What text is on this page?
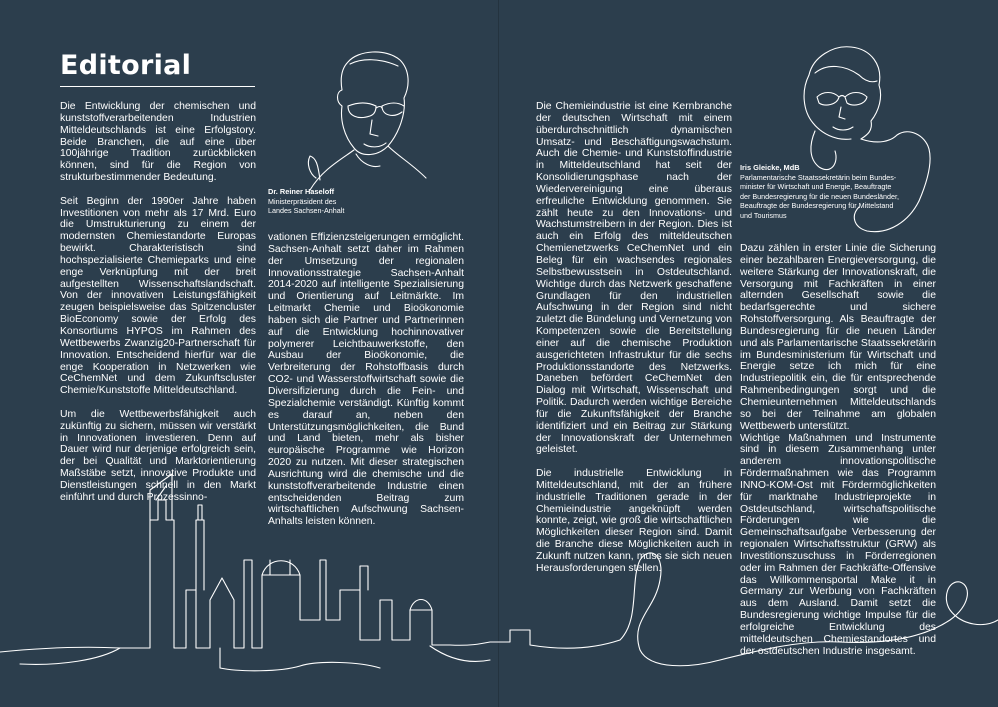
Editorial

Die Entwicklung der chemischen und kunststoffverarbeitenden Industrien Mitteldeutschlands ist eine Erfolgstory. Beide Branchen, die auf eine über 100jährige Tradition zurückblicken können, sind für die Region von strukturbestimmender Bedeutung.

Seit Beginn der 1990er Jahre haben Investitionen von mehr als 17 Mrd. Euro die Umstrukturierung zu einem der modernsten Chemiestandorte Europas bewirkt. Charakteristisch sind hochspezialisierte Chemieparks und eine enge Verknüpfung mit der breit aufgestellten Wissenschaftslandschaft. Von der innovativen Leistungsfähigkeit zeugen beispielsweise das Spitzencluster BioEconomy sowie der Erfolg des Konsortiums HYPOS im Rahmen des Wettbewerbs Zwanzig20-Partnerschaft für Innovation. Entscheidend hierfür war die enge Kooperation in Netzwerken wie CeChemNet und dem Zukunftscluster Chemie/Kunststoffe Mitteldeutschland.

Um die Wettbewerbsfähigkeit auch zukünftig zu sichern, müssen wir verstärkt in Innovationen investieren. Denn auf Dauer wird nur derjenige erfolgreich sein, der bei Qualität und Marktorientierung Maßstäbe setzt, innovative Produkte und Dienstleistungen schnell in den Markt einführt und durch Prozessinno-

vationen Effizienzsteigerungen ermöglicht. Sachsen-Anhalt setzt daher im Rahmen der Umsetzung der regionalen Innovationsstrategie Sachsen-Anhalt 2014-2020 auf intelligente Spezialisierung und Orientierung auf Leitmärkte. Im Leitmarkt Chemie und Bioökonomie haben sich die Partner und Partnerinnen auf die Entwicklung hochinnovativer polymerer Leichtbauwerkstoffe, den Ausbau der Bioökonomie, die Verbreiterung der Rohstoffbasis durch CO2- und Wasserstoffwirtschaft sowie die Diversifizierung durch die Fein- und Spezialchemie verständigt. Künftig kommt es darauf an, neben den Unterstützungsmöglichkeiten, die Bund und Land bieten, mehr als bisher europäische Programme wie Horizon 2020 zu nutzen. Mit dieser strategischen Ausrichtung wird die chemische und die kunststoffverarbeitende Industrie einen entscheidenden Beitrag zum wirtschaftlichen Aufschwung Sachsen-Anhalts leisten können.

Dr. Reiner Haseloff
Ministerpräsident des
Landes Sachsen-Anhalt

Die Chemieindustrie ist eine Kernbranche der deutschen Wirtschaft mit einem überdurchschnittlich dynamischen Umsatz- und Beschäftigungswachstum. Auch die Chemie- und Kunststoffindustrie in Mitteldeutschland hat seit der Konsolidierungsphase nach der Wiedervereinigung eine überaus erfreuliche Entwicklung genommen. Sie zählt heute zu den Innovations- und Wachstumstreibern in der Region. Dies ist auch ein Erfolg des mitteldeutschen Chemienetzwerks CeChemNet und ein Beleg für ein wachsendes regionales Selbstbewusstsein in Ostdeutschland. Wichtige durch das Netzwerk geschaffene Grundlagen für den industriellen Aufschwung in der Region sind nicht zuletzt die Bündelung und Vernetzung von Kompetenzen sowie die Bereitstellung einer auf die chemische Produktion ausgerichteten Infrastruktur für die sechs Produktionsstandorte des Netzwerks. Daneben befördert CeChemNet den Dialog mit Wirtschaft, Wissenschaft und Politik. Dadurch werden wichtige Bereiche für die Zukunftsfähigkeit der Branche identifiziert und ein Beitrag zur Stärkung der Innovationskraft der Unternehmen geleistet.

Die industrielle Entwicklung in Mitteldeutschland, mit der an frühere industrielle Traditionen gerade in der Chemieindustrie angeknüpft werden konnte, zeigt, wie groß die wirtschaftlichen Möglichkeiten dieser Region sind. Damit die Branche diese Möglichkeiten auch in Zukunft nutzen kann, muss sie sich neuen Herausforderungen stellen.

Dazu zählen in erster Linie die Sicherung einer bezahlbaren Energieversorgung, die weitere Stärkung der Innovationskraft, die Versorgung mit Fachkräften in einer alternden Gesellschaft sowie die bedarfsgerechte und sichere Rohstoffversorgung. Als Beauftragte der Bundesregierung für die neuen Länder und als Parlamentarische Staatssekretärin im Bundesministerium für Wirtschaft und Energie setze ich mich für eine Industriepolitik ein, die für entsprechende Rahmenbedingungen sorgt und die Chemieunternehmen Mitteldeutschlands so bei der Teilnahme am globalen Wettbewerb unterstützt.

Wichtige Maßnahmen und Instrumente sind in diesem Zusammenhang unter anderem innovationspolitische Fördermaßnahmen wie das Programm INNO-KOM-Ost mit Fördermöglichkeiten für marktnahe Industrieprojekte in Ostdeutschland, wirtschaftspolitische Förderungen wie die Gemeinschaftsaufgabe Verbesserung der regionalen Wirtschaftsstruktur (GRW) als Investitionszuschuss in Förderregionen oder im Rahmen der Fachkräfte-Offensive das Willkommensportal Make it in Germany zur Werbung von Fachkräften aus dem Ausland. Damit setzt die Bundesregierung wichtige Impulse für die erfolgreiche Entwicklung des mitteldeutschen Chemiestandortes und der ostdeutschen Industrie insgesamt.

Iris Gleicke, MdB
Parlamentarische Staatssekretärin beim Bundes-
minister für Wirtschaft und Energie, Beauftragte
der Bundesregierung für die neuen Bundesländer,
Beauftragte der Bundesregierung für Mittelstand
und Tourismus
